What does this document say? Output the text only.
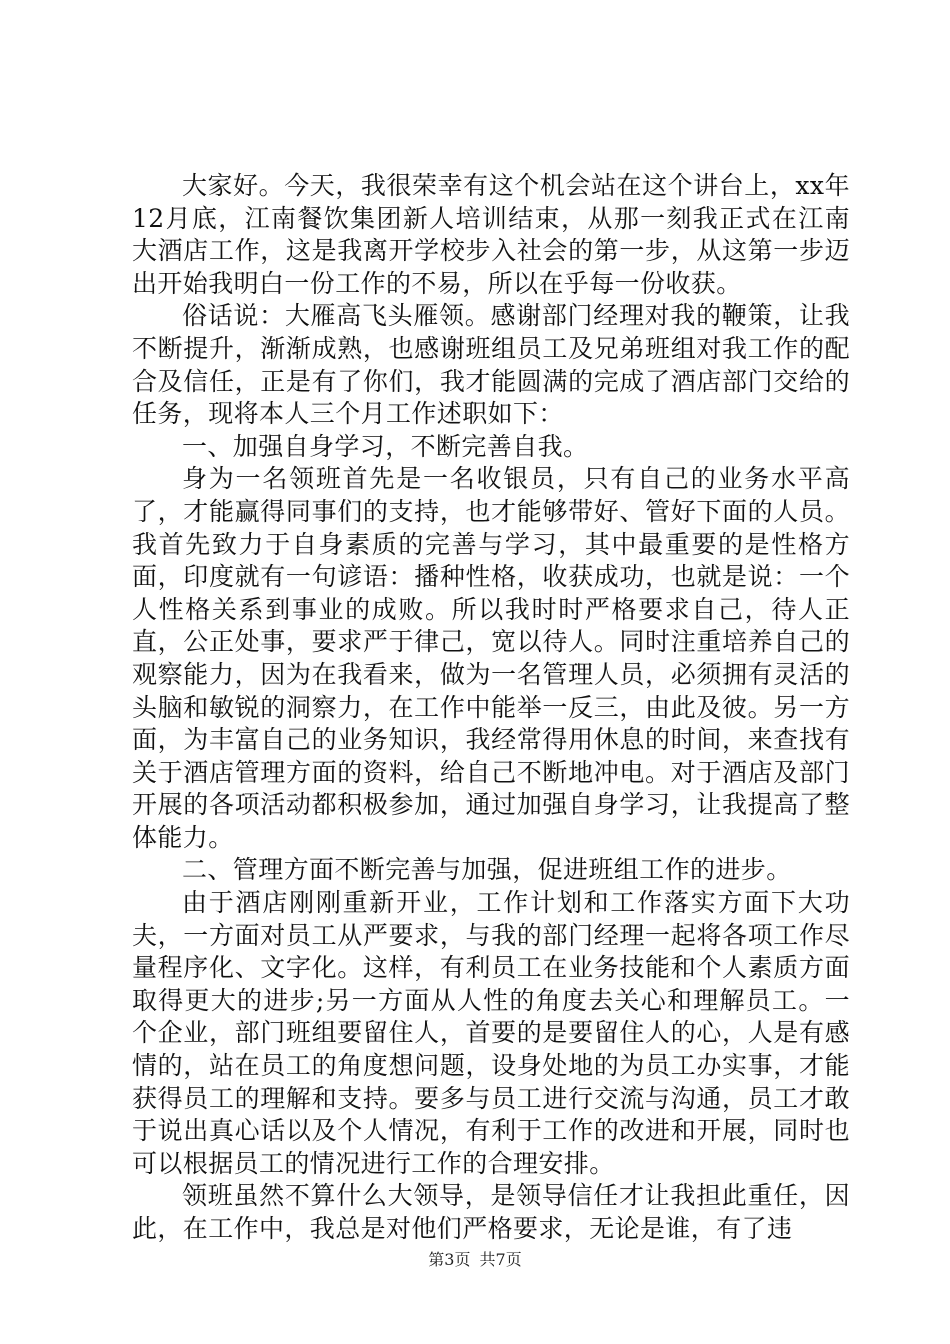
大家好。今天，我很荣幸有这个机会站在这个讲台上，xx年12月底，江南餐饮集团新人培训结束，从那一刻我正式在江南大酒店工作，这是我离开学校步入社会的第一步，从这第一步迈出开始我明白一份工作的不易，所以在乎每一份收获。

俗话说：大雁高飞头雁领。感谢部门经理对我的鞭策，让我不断提升，渐渐成熟，也感谢班组员工及兄弟班组对我工作的配合及信任，正是有了你们，我才能圆满的完成了酒店部门交给的任务，现将本人三个月工作述职如下：

一、加强自身学习，不断完善自我。

身为一名领班首先是一名收银员，只有自己的业务水平高了，才能赢得同事们的支持，也才能够带好、管好下面的人员。我首先致力于自身素质的完善与学习，其中最重要的是性格方面，印度就有一句谚语：播种性格，收获成功，也就是说：一个人性格关系到事业的成败。所以我时时严格要求自己，待人正直，公正处事，要求严于律己，宽以待人。同时注重培养自己的观察能力，因为在我看来，做为一名管理人员，必须拥有灵活的头脑和敏锐的洞察力，在工作中能举一反三，由此及彼。另一方面，为丰富自己的业务知识，我经常得用休息的时间，来查找有关于酒店管理方面的资料，给自己不断地冲电。对于酒店及部门开展的各项活动都积极参加，通过加强自身学习，让我提高了整体能力。

二、管理方面不断完善与加强，促进班组工作的进步。

由于酒店刚刚重新开业，工作计划和工作落实方面下大功夫，一方面对员工从严要求，与我的部门经理一起将各项工作尽量程序化、文字化。这样，有利员工在业务技能和个人素质方面取得更大的进步;另一方面从人性的角度去关心和理解员工。一个企业，部门班组要留住人，首要的是要留住人的心，人是有感情的，站在员工的角度想问题，设身处地的为员工办实事，才能获得员工的理解和支持。要多与员工进行交流与沟通，员工才敢于说出真心话以及个人情况，有利于工作的改进和开展，同时也可以根据员工的情况进行工作的合理安排。

领班虽然不算什么大领导，是领导信任才让我担此重任，因此，在工作中，我总是对他们严格要求，无论是谁，有了违

第3页 共7页
